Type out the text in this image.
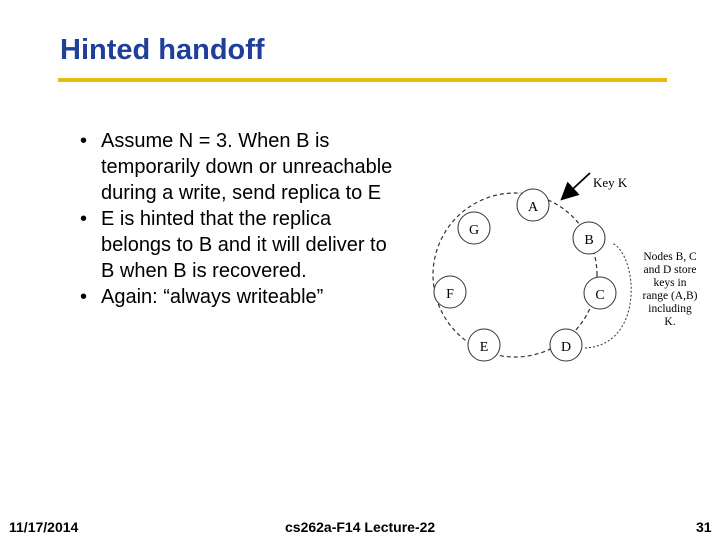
Hinted handoff
• Assume N = 3. When B is temporarily down or unreachable during a write, send replica to E
• E is hinted that the replica belongs to B and it will deliver to B when B is recovered.
• Again: “always writeable”
Key K
A
B
C
D
E
F
G
Nodes B, C
and D store
keys in
range (A,B)
including
K.
11/17/2014	cs262a-F14 Lecture-22	31
